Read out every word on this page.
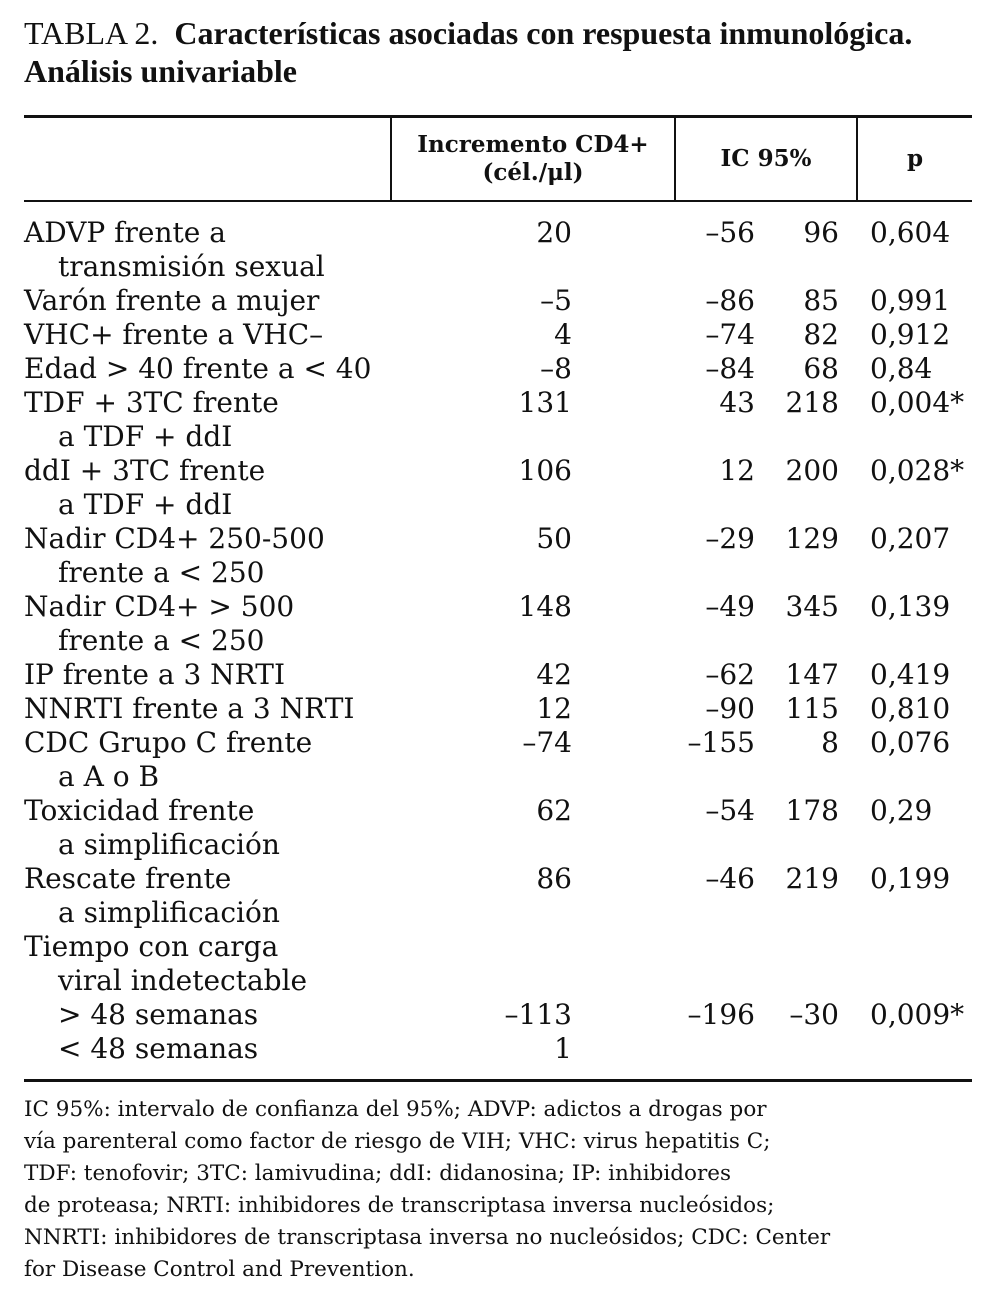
TABLA 2. Características asociadas con respuesta inmunológica.
Análisis univariable
Incremento CD4+
(cél./μl)
IC 95%	p
ADVP frente a
transmisión sexual
20	–56 96 0,604
Varón frente a mujer	–5	–86 85 0,991
VHC+ frente a VHC–	4	–74 82 0,912
Edad > 40 frente a < 40	–8	–84 68 0,84
TDF + 3TC frente
a TDF + ddI
131	43 218 0,004*
ddI + 3TC frente
a TDF + ddI
106	12 200 0,028*
Nadir CD4+ 250-500
frente a < 250
50	–29 129 0,207
Nadir CD4+ > 500
frente a < 250
148	–49 345 0,139
IP frente a 3 NRTI	42	–62 147 0,419
NNRTI frente a 3 NRTI	12	–90 115 0,810
CDC Grupo C frente
a A o B
–74	–155 8 0,076
Toxicidad frente
a simplificación
62	–54 178 0,29
Rescate frente
a simplificación
86	–46 219 0,199
Tiempo con carga
viral indetectable
> 48 semanas	–113	–196 –30 0,009*
< 48 semanas	1
IC 95%: intervalo de confianza del 95%; ADVP: adictos a drogas por
vía parenteral como factor de riesgo de VIH; VHC: virus hepatitis C;
TDF: tenofovir; 3TC: lamivudina; ddI: didanosina; IP: inhibidores
de proteasa; NRTI: inhibidores de transcriptasa inversa nucleósidos;
NNRTI: inhibidores de transcriptasa inversa no nucleósidos; CDC: Center
for Disease Control and Prevention.
